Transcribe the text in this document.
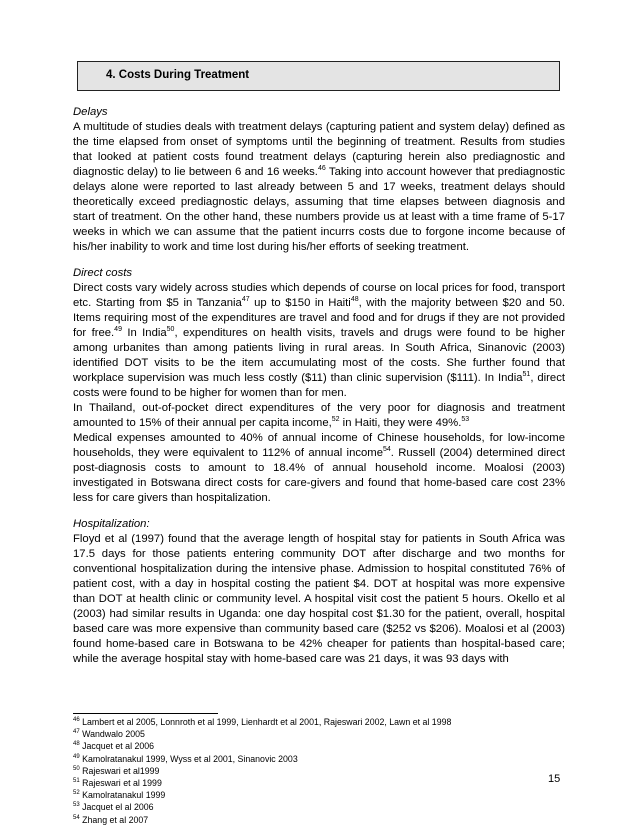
4. Costs During Treatment

Delays

A multitude of studies deals with treatment delays (capturing patient and system delay) defined as the time elapsed from onset of symptoms until the beginning of treatment. Results from studies that looked at patient costs found treatment delays (capturing herein also prediagnostic and diagnostic delay) to lie between 6 and 16 weeks.$^{46}$ Taking into account however that prediagnostic delays alone were reported to last already between 5 and 17 weeks, treatment delays should theoretically exceed prediagnostic delays, assuming that time elapses between diagnosis and start of treatment. On the other hand, these numbers provide us at least with a time frame of 5-17 weeks in which we can assume that the patient incurrs costs due to forgone income because of his/her inability to work and time lost during his/her efforts of seeking treatment.

Direct costs

Direct costs vary widely across studies which depends of course on local prices for food, transport etc. Starting from $5 in Tanzania$^{47}$ up to $150 in Haiti$^{48}$, with the majority between $20 and 50. Items requiring most of the expenditures are travel and food and for drugs if they are not provided for free.$^{49}$ In India$^{50}$, expenditures on health visits, travels and drugs were found to be higher among urbanites than among patients living in rural areas. In South Africa, Sinanovic (2003) identified DOT visits to be the item accumulating most of the costs. She further found that workplace supervision was much less costly ($11) than clinic supervision ($111). In India$^{51}$, direct costs were found to be higher for women than for men.

In Thailand, out-of-pocket direct expenditures of the very poor for diagnosis and treatment amounted to 15% of their annual per capita income,$^{52}$ in Haiti, they were 49%.$^{53}$

Medical expenses amounted to 40% of annual income of Chinese households, for low-income households, they were equivalent to 112% of annual income$^{54}$. Russell (2004) determined direct post-diagnosis costs to amount to 18.4% of annual household income. Moalosi (2003) investigated in Botswana direct costs for care-givers and found that home-based care cost 23% less for care givers than hospitalization.

Hospitalization:

Floyd et al (1997) found that the average length of hospital stay for patients in South Africa was 17.5 days for those patients entering community DOT after discharge and two months for conventional hospitalization during the intensive phase. Admission to hospital constituted 76% of patient cost, with a day in hospital costing the patient $4. DOT at hospital was more expensive than DOT at health clinic or community level. A hospital visit cost the patient 5 hours. Okello et al (2003) had similar results in Uganda: one day hospital cost $1.30 for the patient, overall, hospital based care was more expensive than community based care ($252 vs $206). Moalosi et al (2003) found home-based care in Botswana to be 42% cheaper for patients than hospital-based care; while the average hospital stay with home-based care was 21 days, it was 93 days with

$^{46}$ Lambert et al 2005, Lonnroth et al 1999, Lienhardt et al 2001, Rajeswari 2002, Lawn et al 1998
$^{47}$ Wandwalo 2005
$^{48}$ Jacquet et al 2006
$^{49}$ Kamolratanakul 1999, Wyss et al 2001, Sinanovic 2003
$^{50}$ Rajeswari et al1999
$^{51}$ Rajeswari et al 1999
$^{52}$ Kamolratanakul 1999
$^{53}$ Jacquet el al 2006
$^{54}$ Zhang et al 2007
15
